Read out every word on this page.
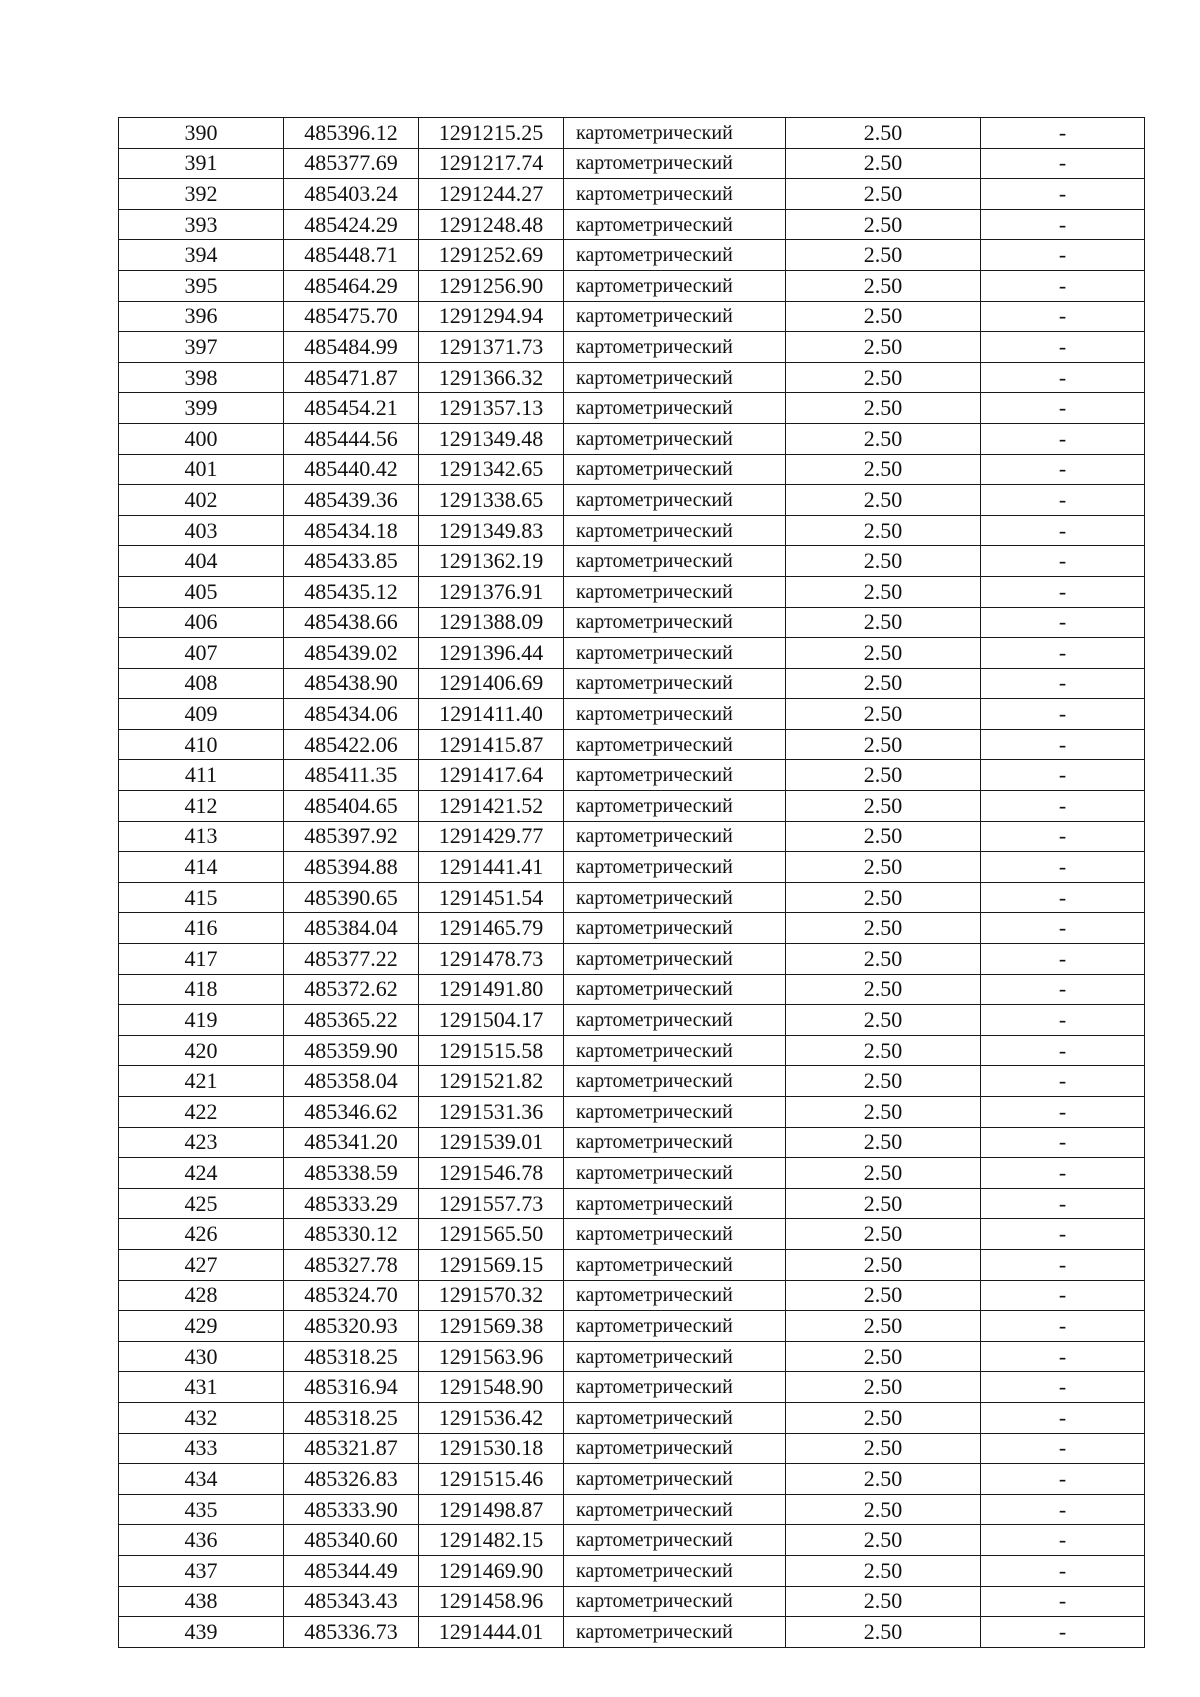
390	485396.12	1291215.25	картометрический	2.50	-
391	485377.69	1291217.74	картометрический	2.50	-
392	485403.24	1291244.27	картометрический	2.50	-
393	485424.29	1291248.48	картометрический	2.50	-
394	485448.71	1291252.69	картометрический	2.50	-
395	485464.29	1291256.90	картометрический	2.50	-
396	485475.70	1291294.94	картометрический	2.50	-
397	485484.99	1291371.73	картометрический	2.50	-
398	485471.87	1291366.32	картометрический	2.50	-
399	485454.21	1291357.13	картометрический	2.50	-
400	485444.56	1291349.48	картометрический	2.50	-
401	485440.42	1291342.65	картометрический	2.50	-
402	485439.36	1291338.65	картометрический	2.50	-
403	485434.18	1291349.83	картометрический	2.50	-
404	485433.85	1291362.19	картометрический	2.50	-
405	485435.12	1291376.91	картометрический	2.50	-
406	485438.66	1291388.09	картометрический	2.50	-
407	485439.02	1291396.44	картометрический	2.50	-
408	485438.90	1291406.69	картометрический	2.50	-
409	485434.06	1291411.40	картометрический	2.50	-
410	485422.06	1291415.87	картометрический	2.50	-
411	485411.35	1291417.64	картометрический	2.50	-
412	485404.65	1291421.52	картометрический	2.50	-
413	485397.92	1291429.77	картометрический	2.50	-
414	485394.88	1291441.41	картометрический	2.50	-
415	485390.65	1291451.54	картометрический	2.50	-
416	485384.04	1291465.79	картометрический	2.50	-
417	485377.22	1291478.73	картометрический	2.50	-
418	485372.62	1291491.80	картометрический	2.50	-
419	485365.22	1291504.17	картометрический	2.50	-
420	485359.90	1291515.58	картометрический	2.50	-
421	485358.04	1291521.82	картометрический	2.50	-
422	485346.62	1291531.36	картометрический	2.50	-
423	485341.20	1291539.01	картометрический	2.50	-
424	485338.59	1291546.78	картометрический	2.50	-
425	485333.29	1291557.73	картометрический	2.50	-
426	485330.12	1291565.50	картометрический	2.50	-
427	485327.78	1291569.15	картометрический	2.50	-
428	485324.70	1291570.32	картометрический	2.50	-
429	485320.93	1291569.38	картометрический	2.50	-
430	485318.25	1291563.96	картометрический	2.50	-
431	485316.94	1291548.90	картометрический	2.50	-
432	485318.25	1291536.42	картометрический	2.50	-
433	485321.87	1291530.18	картометрический	2.50	-
434	485326.83	1291515.46	картометрический	2.50	-
435	485333.90	1291498.87	картометрический	2.50	-
436	485340.60	1291482.15	картометрический	2.50	-
437	485344.49	1291469.90	картометрический	2.50	-
438	485343.43	1291458.96	картометрический	2.50	-
439	485336.73	1291444.01	картометрический	2.50	-
